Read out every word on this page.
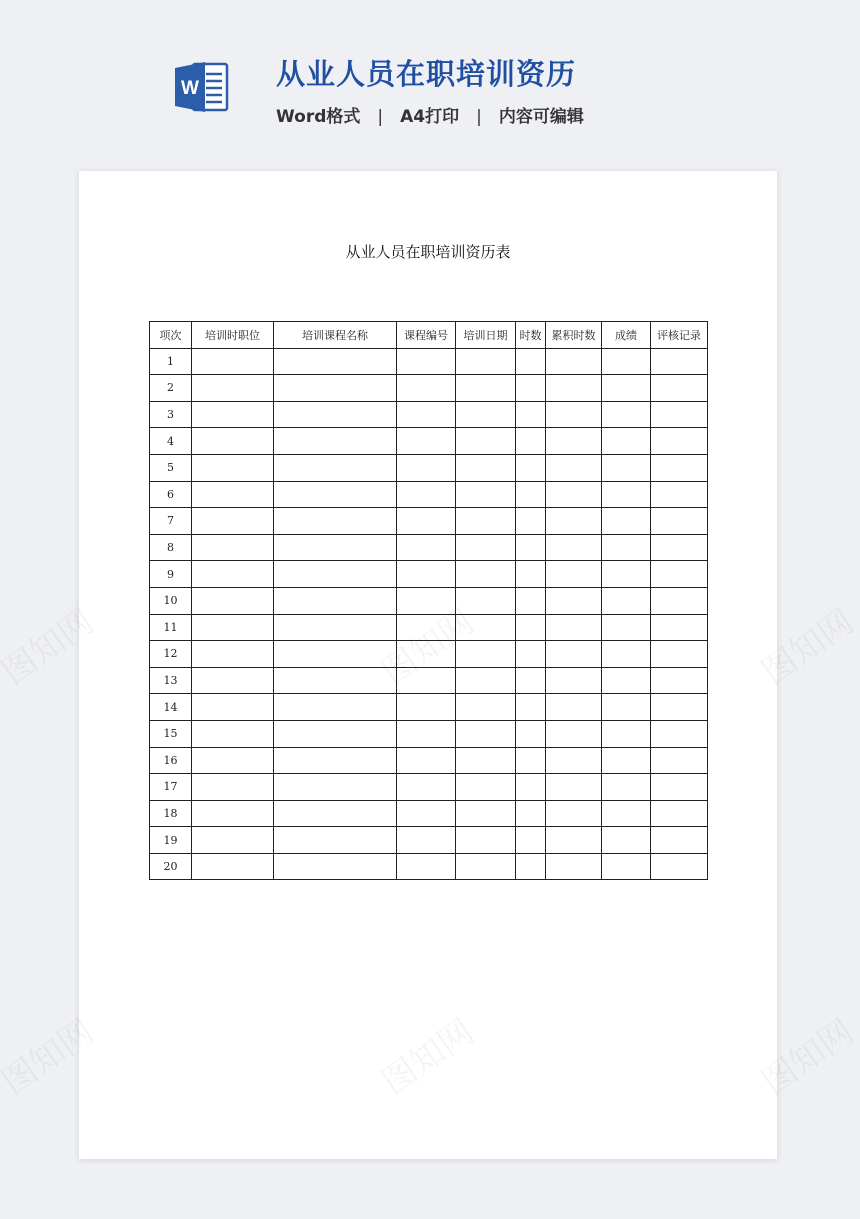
W	从业人员在职培训资历
Word格式 | A4打印 | 内容可编辑
从业人员在职培训资历表
项次	培训时职位	培训课程名称	课程编号	培训日期	时数	累积时数	成绩	评核记录
1								
2								
3								
4								
5								
6								
7								
8								
9								
10								
11								
12								
13								
14								
15								
16								
17								
18								
19								
20								
